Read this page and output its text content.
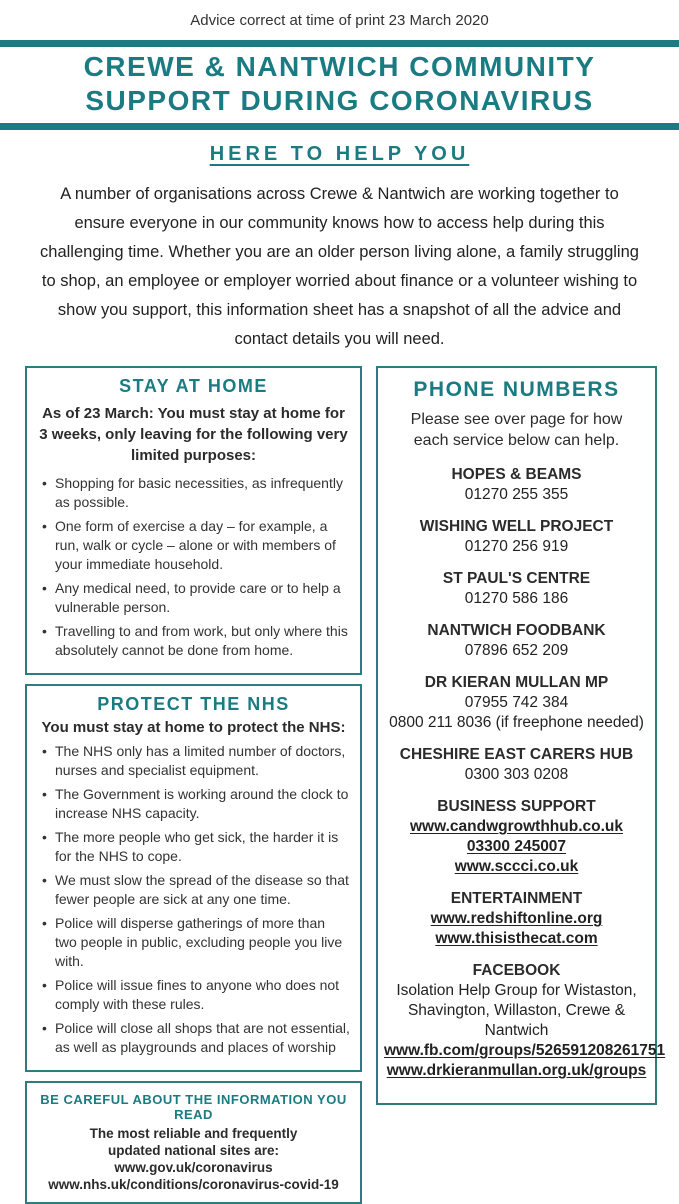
Advice correct at time of print 23 March 2020
CREWE & NANTWICH COMMUNITY
SUPPORT DURING CORONAVIRUS
HERE TO HELP YOU
A number of organisations across Crewe & Nantwich are working together to ensure everyone in our community knows how to access help during this challenging time. Whether you are an older person living alone, a family struggling to shop, an employee or employer worried about finance or a volunteer wishing to show you support, this information sheet has a snapshot of all the advice and contact details you will need.
STAY AT HOME
As of 23 March: You must stay at home for 3 weeks, only leaving for the following very limited purposes:
• Shopping for basic necessities, as infrequently as possible.
• One form of exercise a day – for example, a run, walk or cycle – alone or with members of your immediate household.
• Any medical need, to provide care or to help a vulnerable person.
• Travelling to and from work, but only where this absolutely cannot be done from home.
PROTECT THE NHS
You must stay at home to protect the NHS:
• The NHS only has a limited number of doctors, nurses and specialist equipment.
• The Government is working around the clock to increase NHS capacity.
• The more people who get sick, the harder it is for the NHS to cope.
• We must slow the spread of the disease so that fewer people are sick at any one time.
• Police will disperse gatherings of more than two people in public, excluding people you live with.
• Police will issue fines to anyone who does not comply with these rules.
• Police will close all shops that are not essential, as well as playgrounds and places of worship
BE CAREFUL ABOUT THE INFORMATION YOU READ
The most reliable and frequently
updated national sites are:
www.gov.uk/coronavirus
www.nhs.uk/conditions/coronavirus-covid-19
PHONE NUMBERS
Please see over page for how
each service below can help.
HOPES & BEAMS
01270 255 355
WISHING WELL PROJECT
01270 256 919
ST PAUL'S CENTRE
01270 586 186
NANTWICH FOODBANK
07896 652 209
DR KIERAN MULLAN MP
07955 742 384
0800 211 8036 (if freephone needed)
CHESHIRE EAST CARERS HUB
0300 303 0208
BUSINESS SUPPORT
www.candwgrowthhub.co.uk
03300 245007
www.sccci.co.uk
ENTERTAINMENT
www.redshiftonline.org
www.thisisthecat.com
FACEBOOK
Isolation Help Group for Wistaston,
Shavington, Willaston, Crewe & Nantwich
www.fb.com/groups/526591208261751
www.drkieranmullan.org.uk/groups
